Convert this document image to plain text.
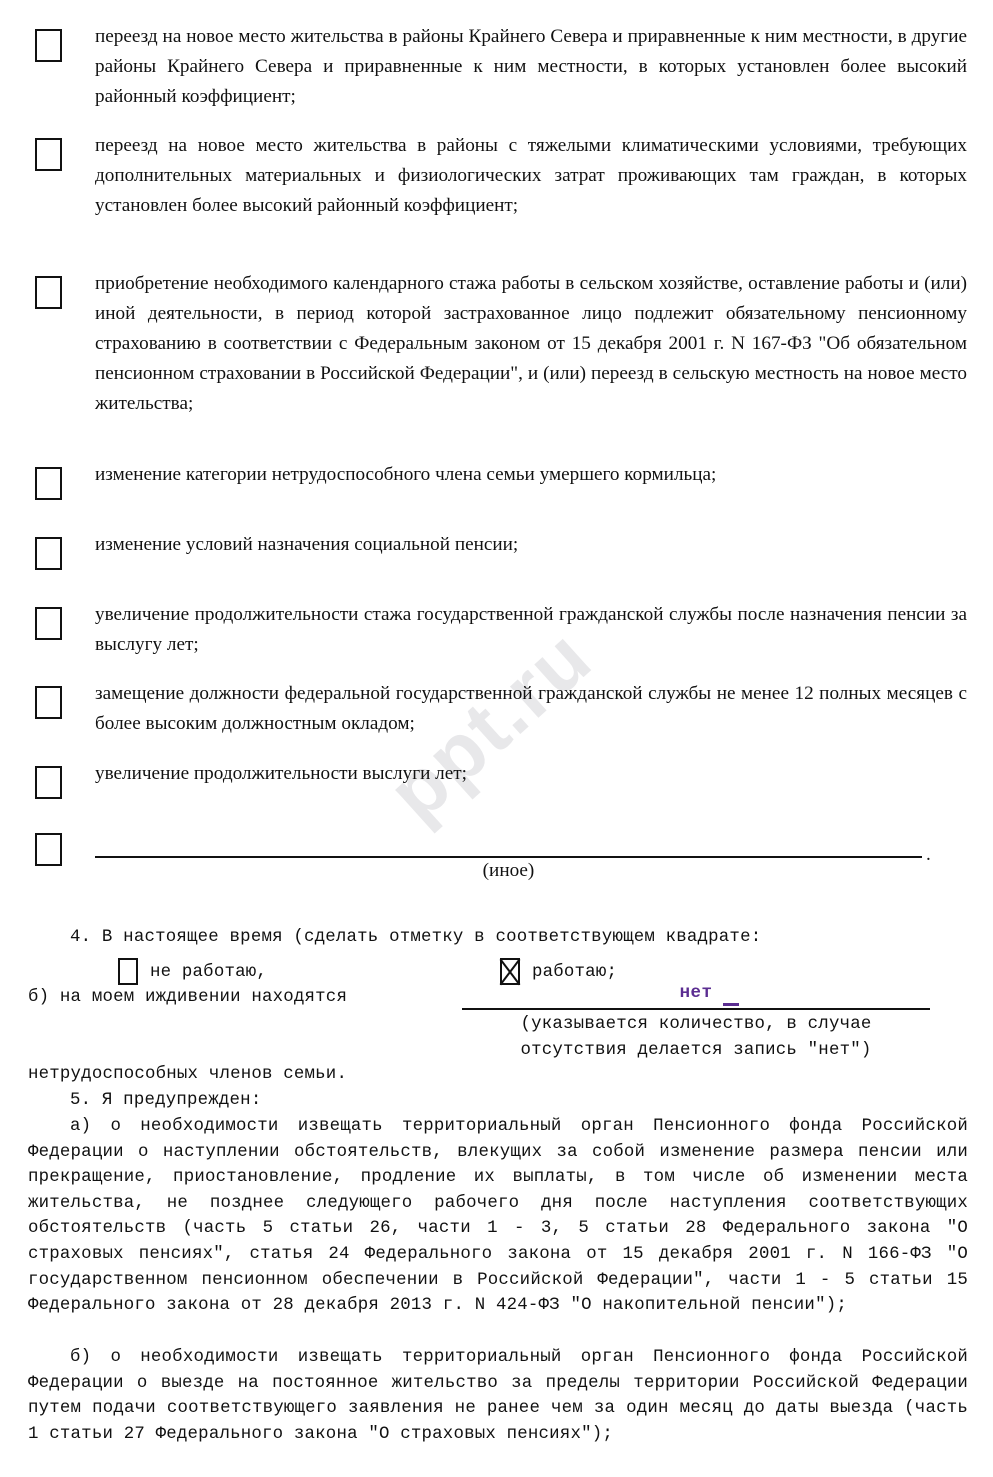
ppt.ru

переезд на новое место жительства в районы Крайнего Севера и приравненные к ним местности, в другие районы Крайнего Севера и приравненные к ним местности, в которых установлен более высокий районный коэффициент;

переезд на новое место жительства в районы с тяжелыми климатическими условиями, требующих дополнительных материальных и физиологических затрат проживающих там граждан, в которых установлен более высокий районный коэффициент;

приобретение необходимого календарного стажа работы в сельском хозяйстве, оставление работы и (или) иной деятельности, в период которой застрахованное лицо подлежит обязательному пенсионному страхованию в соответствии с Федеральным законом от 15 декабря 2001 г. N 167-ФЗ "Об обязательном пенсионном страховании в Российской Федерации", и (или) переезд в сельскую местность на новое место жительства;

изменение категории нетрудоспособного члена семьи умершего кормильца;

изменение условий назначения социальной пенсии;

увеличение продолжительности стажа государственной гражданской службы после назначения пенсии за выслугу лет;

замещение должности федеральной государственной гражданской службы не менее 12 полных месяцев с более высоким должностным окладом;

увеличение продолжительности выслуги лет;

.
(иное)
4. В настоящее время (сделать отметку в соответствующем квадрате:
не работаю,	работаю;
б) на моем иждивении находятся	нет
(указывается количество, в случае
отсутствия делается запись "нет")
нетрудоспособных членов семьи.
5. Я предупрежден:
а) о необходимости извещать территориальный орган Пенсионного фонда Российской Федерации о наступлении обстоятельств, влекущих за собой изменение размера пенсии или прекращение, приостановление, продление их выплаты, в том числе об изменении места жительства, не позднее следующего рабочего дня после наступления соответствующих обстоятельств (часть 5 статьи 26, части 1 - 3, 5 статьи 28 Федерального закона "О страховых пенсиях", статья 24 Федерального закона от 15 декабря 2001 г. N 166-ФЗ "О государственном пенсионном обеспечении в Российской Федерации", части 1 - 5 статьи 15 Федерального закона от 28 декабря 2013 г. N 424-ФЗ "О накопительной пенсии");
б) о необходимости извещать территориальный орган Пенсионного фонда Российской Федерации о выезде на постоянное жительство за пределы территории Российской Федерации путем подачи соответствующего заявления не ранее чем за один месяц до даты выезда (часть 1 статьи 27 Федерального закона "О страховых пенсиях");
